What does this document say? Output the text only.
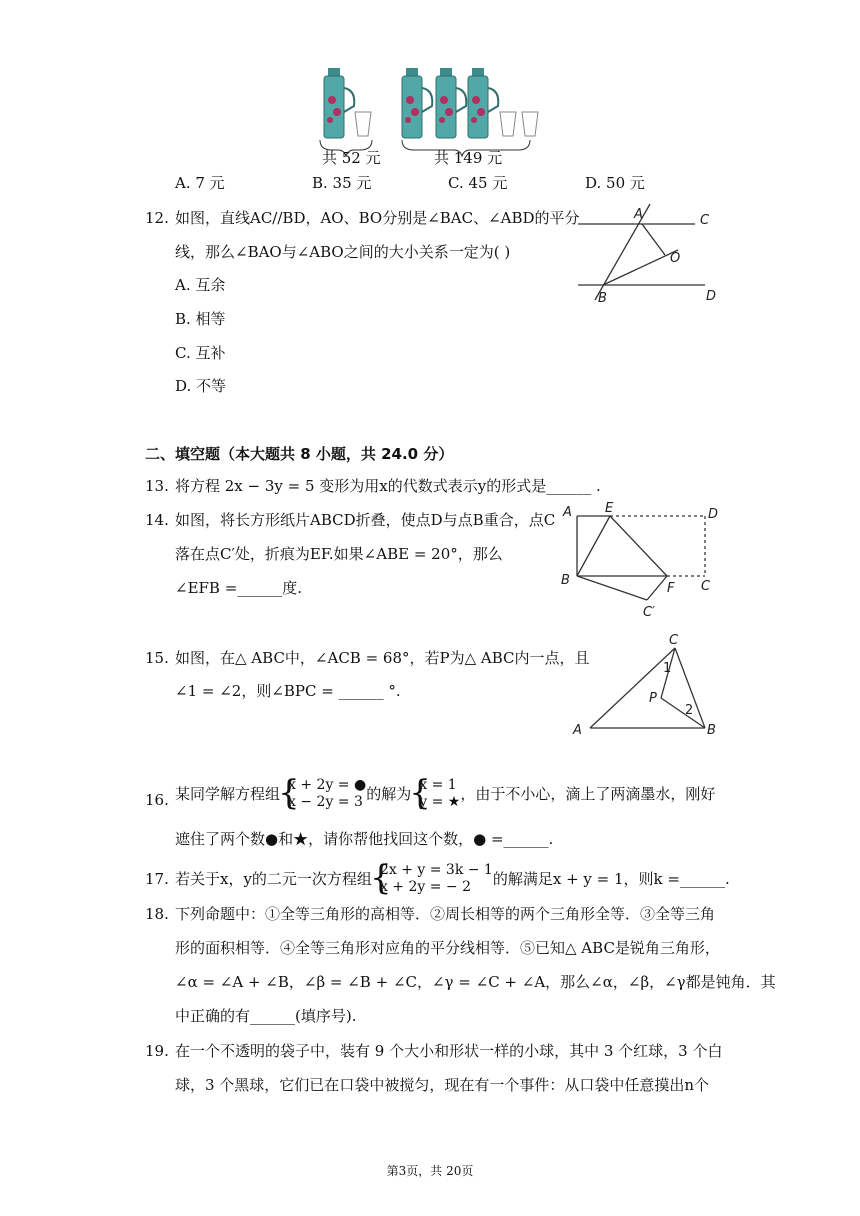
共 52 元	共 149 元
A. 7 元	B. 35 元	C. 45 元	D. 50 元
12. 如图，直线AC//BD，AO、BO分别是∠BAC、∠ABD的平分
线，那么∠BAO与∠ABO之间的大小关系一定为( )
A. 互余
B. 相等
C. 互补
D. 不等
A	C
O
B	D
二、填空题（本大题共 8 小题，共 24.0 分）
13. 将方程 2x − 3y = 5 变形为用x的代数式表示y的形式是______ .
14. 如图，将长方形纸片ABCD折叠，使点D与点B重合，点C
落在点C′处，折痕为EF.如果∠ABE = 20°，那么
∠EFB =______度.
A	E	D
B
F C
C′
15. 如图，在△ ABC中，∠ACB = 68°，若P为△ ABC内一点，且
∠1 = ∠2，则∠BPC = ______ °.
C
1
P
2
A	B
16. 某同学解方程组 { x + 2y = ●
x − 2y = 3 的解为 { x = 1
y = ★ ，由于不小心，滴上了两滴墨水，刚好
遮住了两个数●和★，请你帮他找回这个数，● =______.
17. 若关于x，y的二元一次方程组 { 2x + y = 3k − 1
x + 2y = − 2	的解满足x + y = 1，则k =______.
18. 下列命题中：①全等三角形的高相等．②周长相等的两个三角形全等．③全等三角
形的面积相等．④全等三角形对应角的平分线相等．⑤已知△ ABC是锐角三角形，
∠α = ∠A + ∠B，∠β = ∠B + ∠C，∠γ = ∠C + ∠A，那么∠α，∠β，∠γ都是钝角．其
中正确的有______(填序号).
19. 在一个不透明的袋子中，装有 9 个大小和形状一样的小球，其中 3 个红球，3 个白
球，3 个黑球，它们已在口袋中被搅匀，现在有一个事件：从口袋中任意摸出n个
第3页，共 20页
